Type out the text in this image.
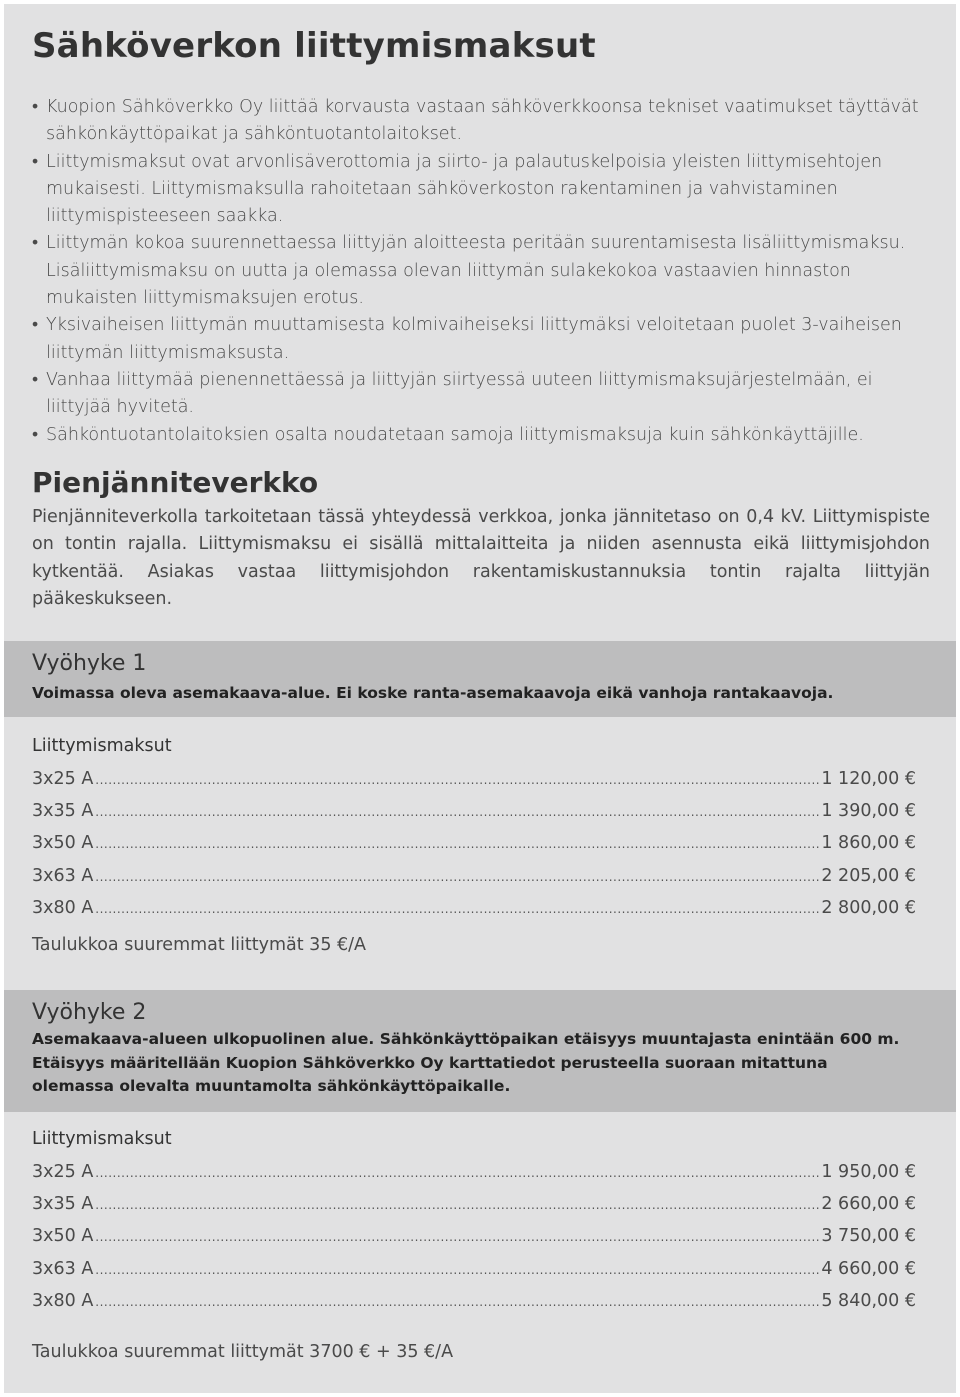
Sähköverkon liittymismaksut
• Kuopion Sähköverkko Oy liittää korvausta vastaan sähköverkkoonsa tekniset vaatimukset täyttävät sähkönkäyttöpaikat ja sähköntuotantolaitokset.
• Liittymismaksut ovat arvonlisäverottomia ja siirto- ja palautuskelpoisia yleisten liittymisehtojen mukaisesti. Liittymismaksulla rahoitetaan sähköverkoston rakentaminen ja vahvistaminen liittymispisteeseen saakka.
• Liittymän kokoa suurennettaessa liittyjän aloitteesta peritään suurentamisesta lisäliittymismaksu. Lisäliittymismaksu on uutta ja olemassa olevan liittymän sulakekokoa vastaavien hinnaston mukaisten liittymismaksujen erotus.
• Yksivaiheisen liittymän muuttamisesta kolmivaiheiseksi liittymäksi veloitetaan puolet 3-vaiheisen liittymän liittymismaksusta.
• Vanhaa liittymää pienennettäessä ja liittyjän siirtyessä uuteen liittymismaksujärjestelmään, ei liittyjää hyvitetä.
• Sähköntuotantolaitoksien osalta noudatetaan samoja liittymismaksuja kuin sähkönkäyttäjille.
Pienjänniteverkko

Pienjänniteverkolla tarkoitetaan tässä yhteydessä verkkoa, jonka jännitetaso on 0,4 kV. Liittymispiste on tontin rajalla. Liittymismaksu ei sisällä mittalaitteita ja niiden asennusta eikä liittymisjohdon kytkentää. Asiakas vastaa liittymisjohdon rakentamiskustannuksia tontin rajalta liittyjän pääkeskukseen.

Vyöhyke 1

Voimassa oleva asemakaava-alue. Ei koske ranta-asemakaavoja eikä vanhoja rantakaavoja.

Liittymismaksut
3x25 A .....	1 120,00 €
3x35 A .....	1 390,00 €
3x50 A .....	1 860,00 €
3x63 A .....	2 205,00 €
3x80 A .....	2 800,00 €

Taulukkoa suuremmat liittymät 35 €/A

Vyöhyke 2

Asemakaava-alueen ulkopuolinen alue. Sähkönkäyttöpaikan etäisyys muuntajasta enintään 600 m. Etäisyys määritellään Kuopion Sähköverkko Oy karttatiedot perusteella suoraan mitattuna olemassa olevalta muuntamolta sähkönkäyttöpaikalle.

Liittymismaksut
3x25 A .....	1 950,00 €
3x35 A .....	2 660,00 €
3x50 A .....	3 750,00 €
3x63 A .....	4 660,00 €
3x80 A .....	5 840,00 €

Taulukkoa suuremmat liittymät 3700 € + 35 €/A
